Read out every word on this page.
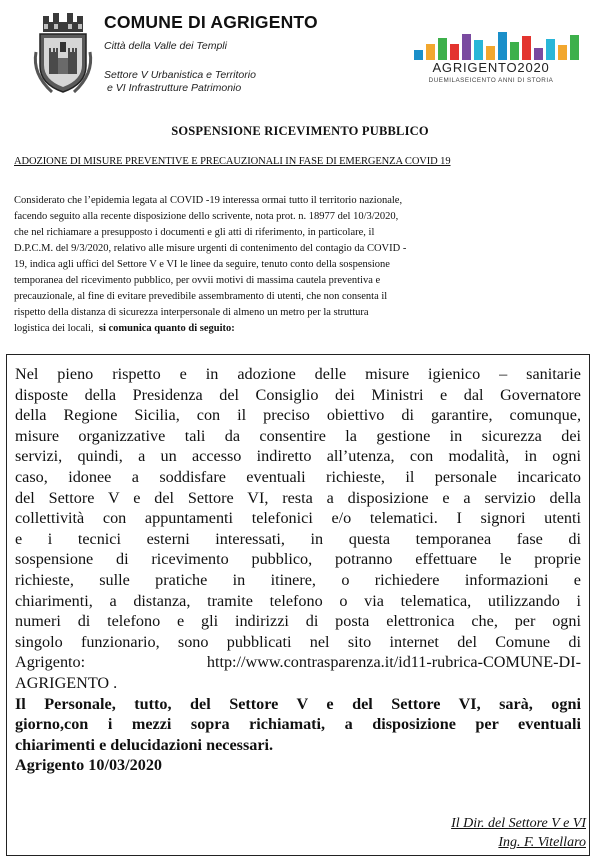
COMUNE DI AGRIGENTO
Città della Valle dei Templi
Settore V Urbanistica e Territorio
e VI Infrastrutture Patrimonio
AGRIGENTO2020
DUEMILASEICENTO ANNI DI STORIA
SOSPENSIONE RICEVIMENTO PUBBLICO
ADOZIONE DI MISURE PREVENTIVE E PRECAUZIONALI IN FASE DI EMERGENZA COVID 19
Considerato che l’epidemia legata al COVID -19 interessa ormai tutto il territorio nazionale,
facendo seguito alla recente disposizione dello scrivente, nota prot. n. 18977 del 10/3/2020,
che nel richiamare a presupposto i documenti e gli atti di riferimento, in particolare, il
D.P.C.M. del 9/3/2020, relativo alle misure urgenti di contenimento del contagio da COVID -
19, indica agli uffici del Settore V e VI le linee da seguire, tenuto conto della sospensione
temporanea del ricevimento pubblico, per ovvii motivi di massima cautela preventiva e
precauzionale, al fine di evitare prevedibile assembramento di utenti, che non consenta il
rispetto della distanza di sicurezza interpersonale di almeno un metro per la struttura
logistica dei locali,  si comunica quanto di seguito:
Nel pieno rispetto e in adozione delle misure igienico – sanitarie
disposte della Presidenza del Consiglio dei Ministri e dal Governatore
della Regione Sicilia, con il preciso obiettivo di garantire, comunque,
misure organizzative tali da consentire la gestione in sicurezza dei
servizi, quindi, a un accesso indiretto all’utenza, con modalità, in ogni
caso, idonee a soddisfare eventuali richieste, il personale incaricato
del Settore V e del Settore VI, resta a disposizione e a servizio della
collettività con appuntamenti telefonici e/o telematici. I signori utenti
e i tecnici esterni interessati, in questa temporanea fase di
sospensione di ricevimento pubblico, potranno effettuare le proprie
richieste, sulle pratiche in itinere, o richiedere informazioni e
chiarimenti, a distanza, tramite telefono o via telematica, utilizzando i
numeri di telefono e gli indirizzi di posta elettronica che, per ogni
singolo funzionario, sono pubblicati nel sito internet del Comune di
Agrigento: http://www.contrasparenza.it/id11-rubrica-COMUNE-DI-
AGRIGENTO .
Il Personale, tutto, del Settore V e del Settore VI, sarà, ogni
giorno,con i mezzi sopra richiamati, a disposizione per eventuali
chiarimenti e delucidazioni necessari.
Agrigento 10/03/2020
Il Dir. del Settore V e VI
Ing. F. Vitellaro
